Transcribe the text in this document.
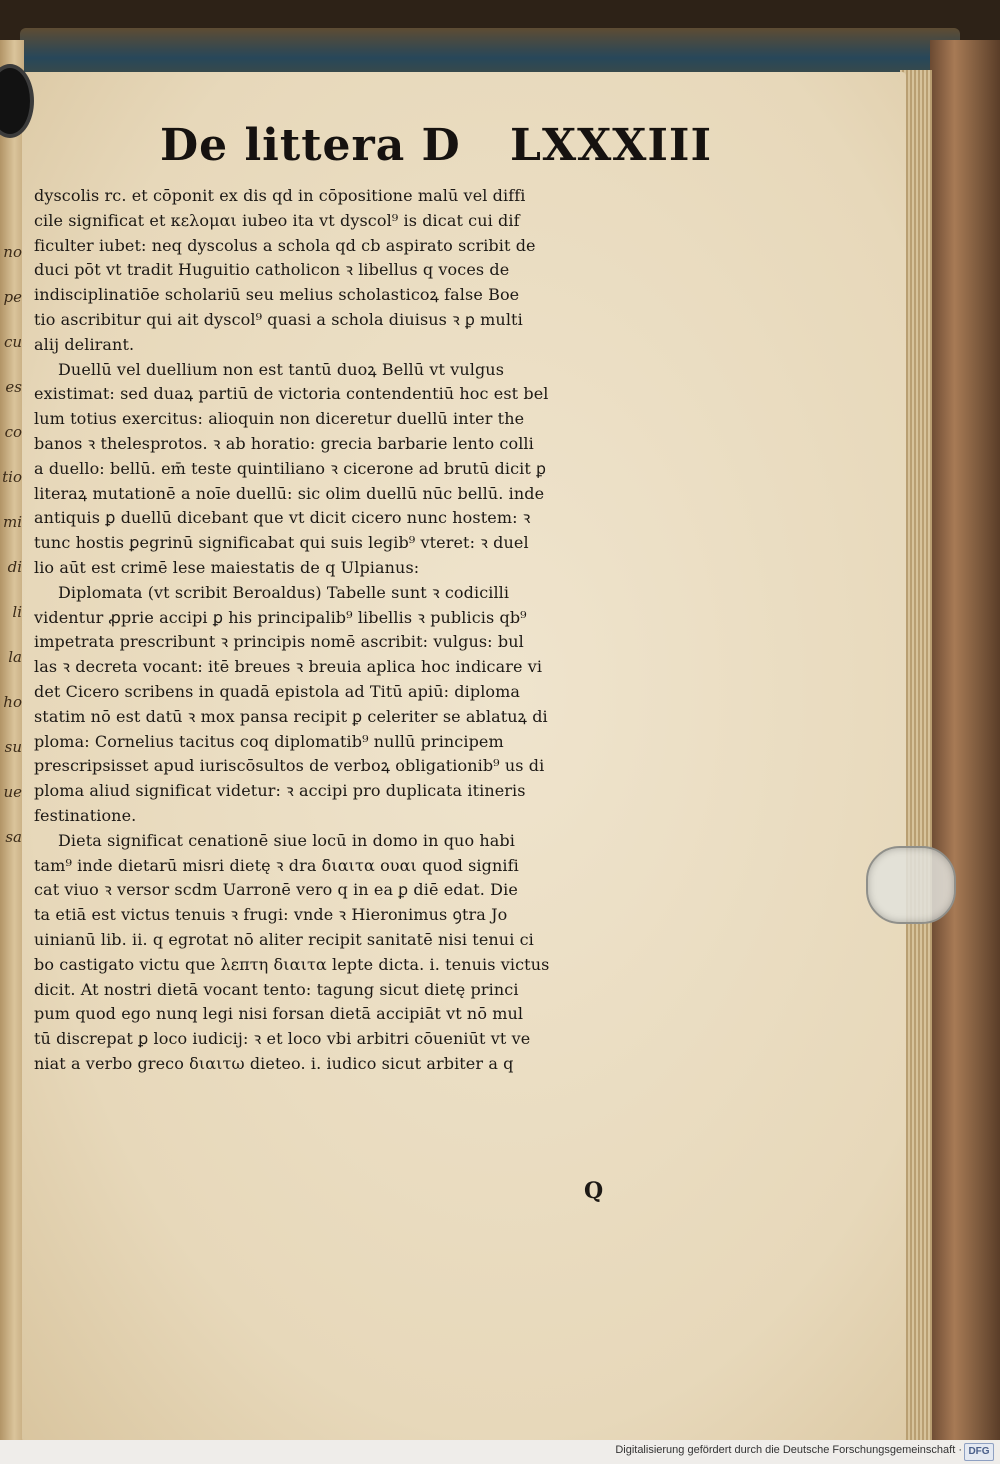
no
pe
cu
es
co
tio
mi
di
li
la
ho
su
ue
sa
De littera D LXXXIII
dyscolis rc. et cōponit ex dis qd in cōpositione malū vel diffi
cile significat et κελομαι iubeo ita vt dyscol⁹ is dicat cui dif
ficulter iubet: neq dyscolus a schola qd cb aspirato scribit de
duci pōt vt tradit Huguitio catholicon ꝛ libellus q voces de
indisciplinatiōe scholariū seu melius scholasticoꝝ false Boe
tio ascribitur qui ait dyscol⁹ quasi a schola diuisus ꝛ ꝑ multi
alij delirant.
Duellū vel duellium non est tantū duoꝝ Bellū vt vulgus
existimat: sed duaꝝ partiū de victoria contendentiū hoc est bel
lum totius exercitus: alioquin non diceretur duellū inter the
banos ꝛ thelesprotos. ꝛ ab horatio: grecia barbarie lento colli
a duello: bellū. em̄ teste quintiliano ꝛ cicerone ad brutū dicit ꝑ
literaꝝ mutationē a noīe duellū: sic olim duellū nūc bellū. inde
antiquis ꝑ duellū dicebant que vt dicit cicero nunc hostem: ꝛ
tunc hostis ꝑegrinū significabat qui suis legib⁹ vteret: ꝛ duel
lio aūt est crimē lese maiestatis de q Ulpianus:
Diplomata (vt scribit Beroaldus) Tabelle sunt ꝛ codicilli
videntur ꝓprie accipi ꝑ his principalib⁹ libellis ꝛ publicis qb⁹
impetrata prescribunt ꝛ principis nomē ascribit: vulgus: bul
las ꝛ decreta vocant: itē breues ꝛ breuia aplica hoc indicare vi
det Cicero scribens in quadā epistola ad Titū apiū: diploma
statim nō est datū ꝛ mox pansa recipit ꝑ celeriter se ablatuꝝ di
ploma: Cornelius tacitus coq diplomatib⁹ nullū principem
prescripsisset apud iuriscōsultos de verboꝝ obligationib⁹ us di
ploma aliud significat videtur: ꝛ accipi pro duplicata itineris
festinatione.
Dieta significat cenationē siue locū in domo in quo habi
tam⁹ inde dietarū misri dietę ꝛ dra διαιτα ουαι quod signifi
cat viuo ꝛ versor scdm Uarronē vero q in ea ꝑ diē edat. Die
ta etiā est victus tenuis ꝛ frugi: vnde ꝛ Hieronimus ꝯtra Jo
uinianū lib. ii. q egrotat nō aliter recipit sanitatē nisi tenui ci
bo castigato victu que λεπτη διαιτα lepte dicta. i. tenuis victus
dicit. At nostri dietā vocant tento: tagung sicut dietę princi
pum quod ego nunq legi nisi forsan dietā accipiāt vt nō mul
tū discrepat ꝑ loco iudicij: ꝛ et loco vbi arbitri cōueniūt vt ve
niat a verbo greco διαιτω dieteo. i. iudico sicut arbiter a q
Q
Digitalisierung gefördert durch die Deutsche Forschungsgemeinschaft · DFG
